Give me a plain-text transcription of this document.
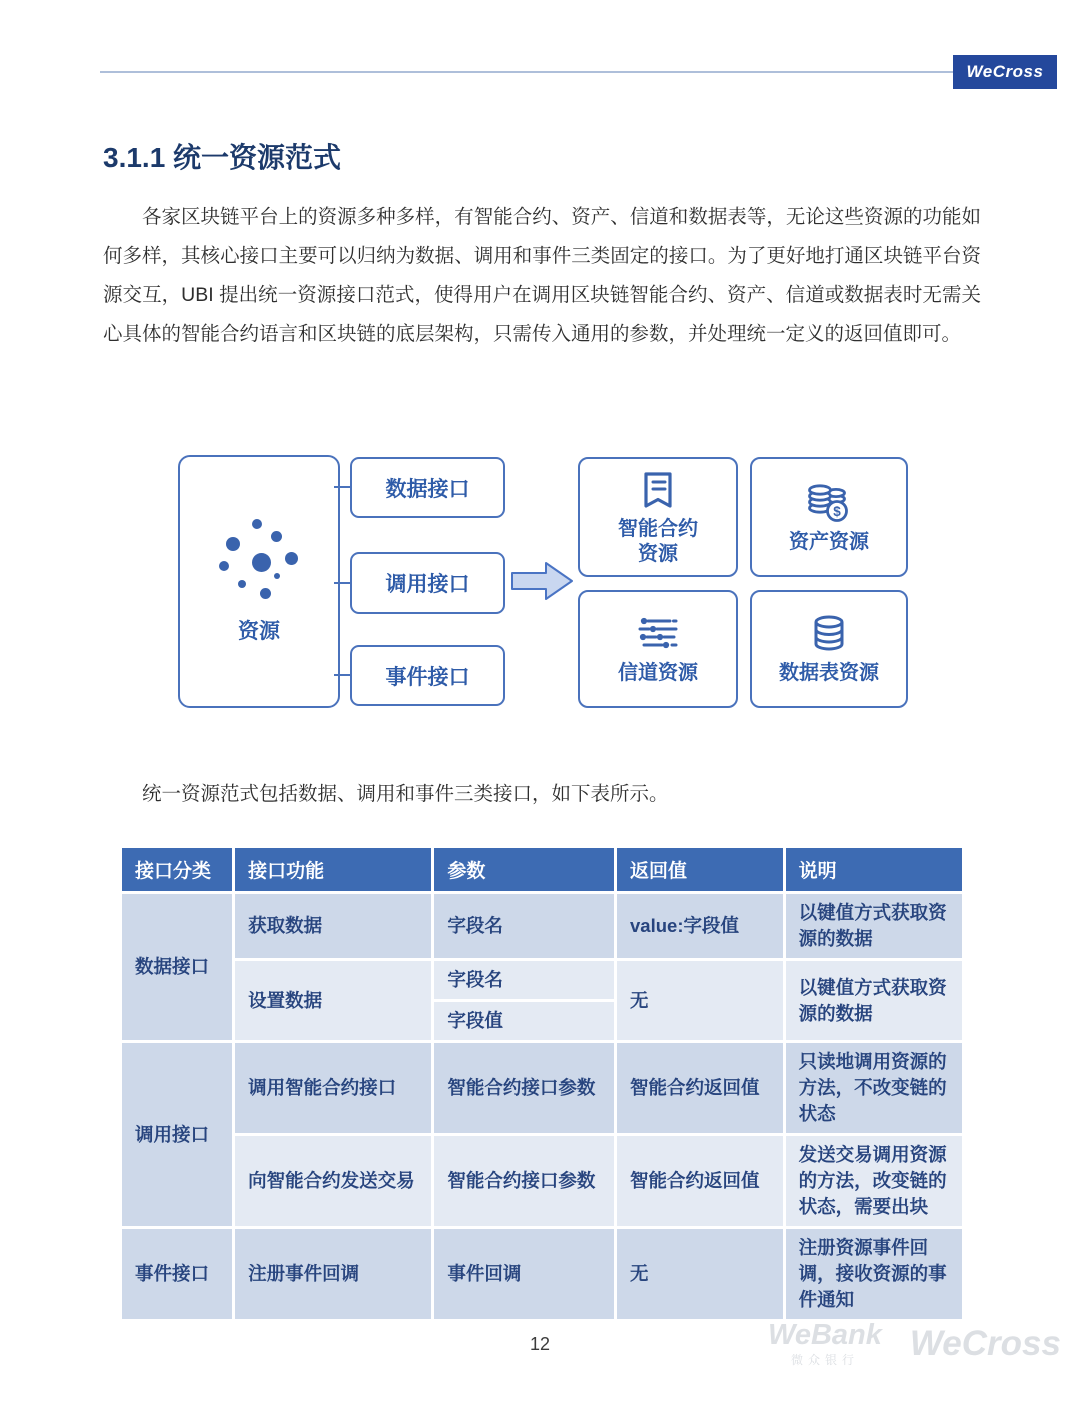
WeCross
3.1.1 统一资源范式

各家区块链平台上的资源多种多样，有智能合约、资产、信道和数据表等，无论这些资源的功能如何多样，其核心接口主要可以归纳为数据、调用和事件三类固定的接口。为了更好地打通区块链平台资源交互，UBI 提出统一资源接口范式，使得用户在调用区块链智能合约、资产、信道或数据表时无需关心具体的智能合约语言和区块链的底层架构，只需传入通用的参数，并处理统一定义的返回值即可。

资源
数据接口
调用接口
事件接口
智能合约资源
$
资产资源
信道资源	数据表资源

统一资源范式包括数据、调用和事件三类接口，如下表所示。

接口分类	接口功能	参数	返回值	说明
数据接口	获取数据	字段名	value:字段值	以键值方式获取资源的数据
	设置数据	字段名	无	以键值方式获取资源的数据
		字段值		
调用接口	调用智能合约接口	智能合约接口参数	智能合约返回值	只读地调用资源的方法，不改变链的状态
	向智能合约发送交易	智能合约接口参数	智能合约返回值	发送交易调用资源的方法，改变链的状态，需要出块
事件接口	注册事件回调	事件回调	无	注册资源事件回调，接收资源的事件通知
12	WeBank
微众银行 WeCross
